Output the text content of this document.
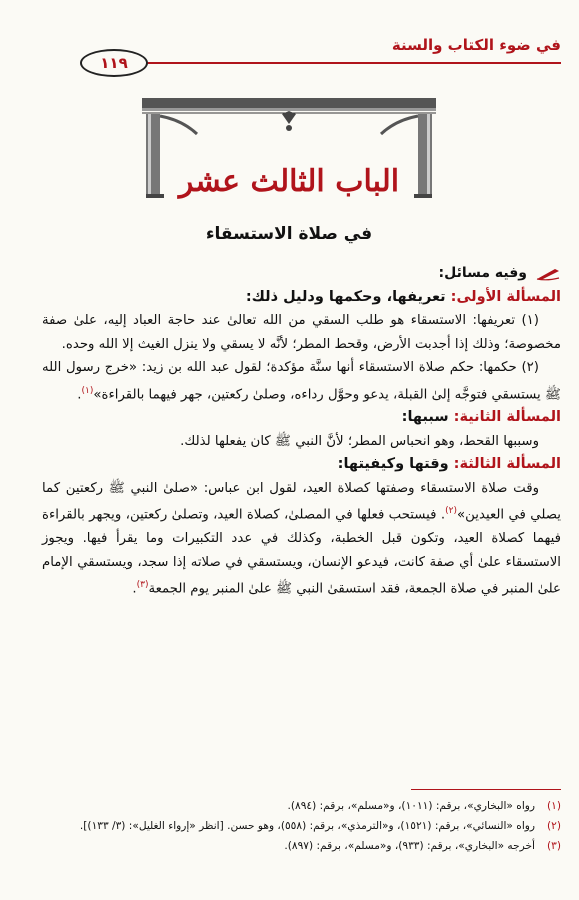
في ضوء الكتاب والسنة
١١٩
الباب الثالث عشر
في صلاة الاستسقاء

وفيه مسائل:

المسألة الأولى: تعريفها، وحكمها ودليل ذلك:

(١) تعريفها: الاستسقاء هو طلب السقي من الله تعالىٰ عند حاجة العباد إليه، علىٰ صفة مخصوصة؛ وذلك إذا أجدبت الأرض، وقحط المطر؛ لأنَّه لا يسقي ولا ينزل الغيث إلا الله وحده.

(٢) حكمها: حكم صلاة الاستسقاء أنها سنَّة مؤكدة؛ لقول عبد الله بن زيد: «خرج رسول الله ﷺ يستسقي فتوجَّه إلىٰ القبلة، يدعو وحوَّل رداءه، وصلىٰ ركعتين، جهر فيهما بالقراءة»$^{(١)}$.

المسألة الثانية: سببها:

وسببها القحط، وهو انحباس المطر؛ لأنَّ النبي ﷺ كان يفعلها لذلك.

المسألة الثالثة: وقتها وكيفيتها:

وقت صلاة الاستسقاء وصفتها كصلاة العيد، لقول ابن عباس: «صلىٰ النبي ﷺ ركعتين كما يصلي في العيدين»$^{(٢)}$. فيستحب فعلها في المصلىٰ، كصلاة العيد، وتصلىٰ ركعتين، ويجهر بالقراءة فيهما كصلاة العيد، وتكون قبل الخطبة، وكذلك في عدد التكبيرات وما يقرأ فيها. ويجوز الاستسقاء علىٰ أي صفة كانت، فيدعو الإنسان، ويستسقي في صلاته إذا سجد، ويستسقي الإمام علىٰ المنبر في صلاة الجمعة، فقد استسقىٰ النبي ﷺ علىٰ المنبر يوم الجمعة$^{(٣)}$.

(١)
رواه «البخاري»، برقم: (١٠١١)، و«مسلم»، برقم: (٨٩٤).
(٢)
رواه «النسائي»، برقم: (١٥٢١)، و«الترمذي»، برقم: (٥٥٨)، وهو حسن. [انظر «إرواء الغليل»: (٣/ ١٣٣)].
(٣)
أخرجه «البخاري»، برقم: (٩٣٣)، و«مسلم»، برقم: (٨٩٧).
